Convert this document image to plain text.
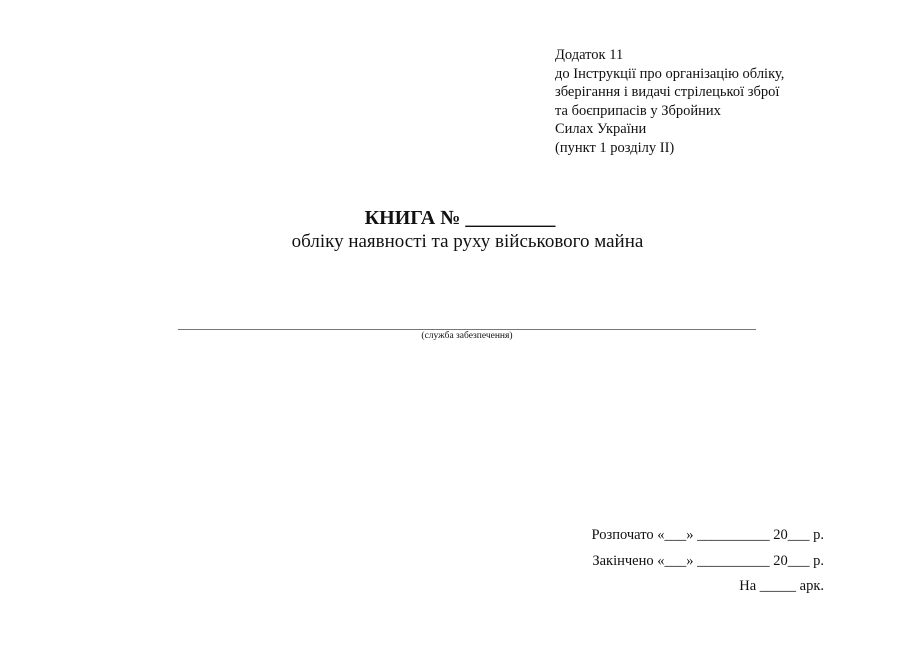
Додаток 11
до Інструкції про організацію обліку,
зберігання і видачі стрілецької зброї
та боєприпасів у Збройних
Силах України
(пункт 1 розділу II)
КНИГА № _________
обліку наявності та руху військового майна
(служба забезпечення)
Розпочато «___» __________ 20___ р.
Закінчено «___» __________ 20___ р.
На _____ арк.
